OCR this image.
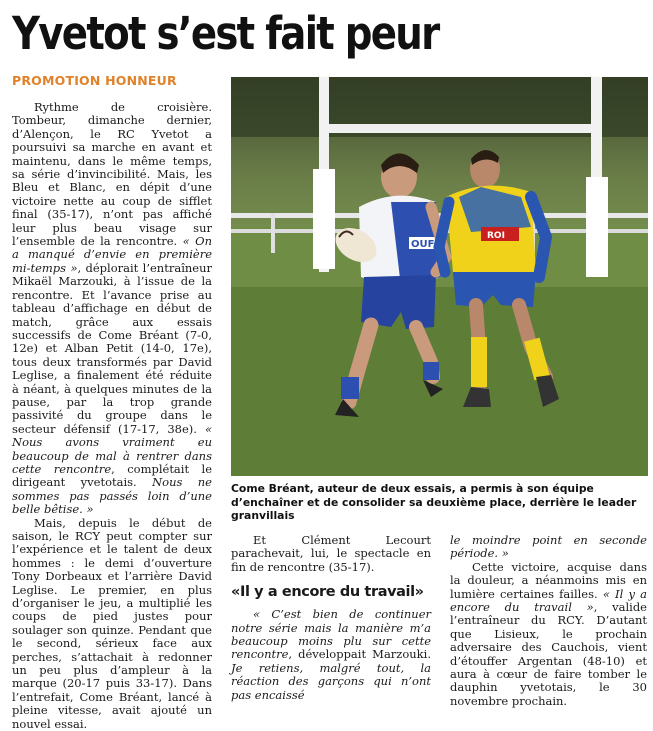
Yvetot s’est fait peur
PROMOTION HONNEUR

Rythme de croisière. Tombeur, dimanche dernier, d’Alençon, le RC Yvetot a poursuivi sa marche en avant et maintenu, dans le même temps, sa série d’invincibilité. Mais, les Bleu et Blanc, en dépit d’une victoire nette au coup de sifflet final (35-17), n’ont pas affiché leur plus beau visage sur l’ensemble de la rencontre. « On a manqué d’envie en première mi-temps », déplorait l’entraîneur Mikaël Marzouki, à l’issue de la rencontre. Et l’avance prise au tableau d’affichage en début de match, grâce aux essais successifs de Come Bréant (7-0, 12e) et Alban Petit (14-0, 17e), tous deux transformés par David Leglise, a finalement été réduite à néant, à quelques minutes de la pause, par la trop grande passivité du groupe dans le secteur défensif (17-17, 38e). « Nous avons vraiment eu beaucoup de mal à rentrer dans cette rencontre, complétait le dirigeant yvetotais. Nous ne sommes pas passés loin d’une belle bêtise. »

Mais, depuis le début de saison, le RCY peut compter sur l’expérience et le talent de deux hommes : le demi d’ouverture Tony Dorbeaux et l’arrière David Leglise. Le premier, en plus d’organiser le jeu, a multiplié les coups de pied justes pour soulager son quinze. Pendant que le second, sérieux face aux perches, s’attachait à redonner un peu plus d’ampleur à la marque (20-17 puis 33-17). Dans l’entrefait, Come Bréant, lancé à pleine vitesse, avait ajouté un nouvel essai.

OUFL
ROI
Come Bréant, auteur de deux essais, a permis à son équipe d’enchaîner et de consolider sa deuxième place, derrière le leader granvillais

Et Clément Lecourt parachevait, lui, le spectacle en fin de rencontre (35-17).

«Il y a encore du travail»

« C’est bien de continuer notre série mais la manière m’a beaucoup moins plu sur cette rencontre, développait Marzouki. Je retiens, malgré tout, la réaction des garçons qui n’ont pas encaissé

le moindre point en seconde période. »

Cette victoire, acquise dans la douleur, a néanmoins mis en lumière certaines failles. « Il y a encore du travail », valide l’entraîneur du RCY. D’autant que Lisieux, le prochain adversaire des Cauchois, vient d’étouffer Argentan (48-10) et aura à cœur de faire tomber le dauphin yvetotais, le 30 novembre prochain.
